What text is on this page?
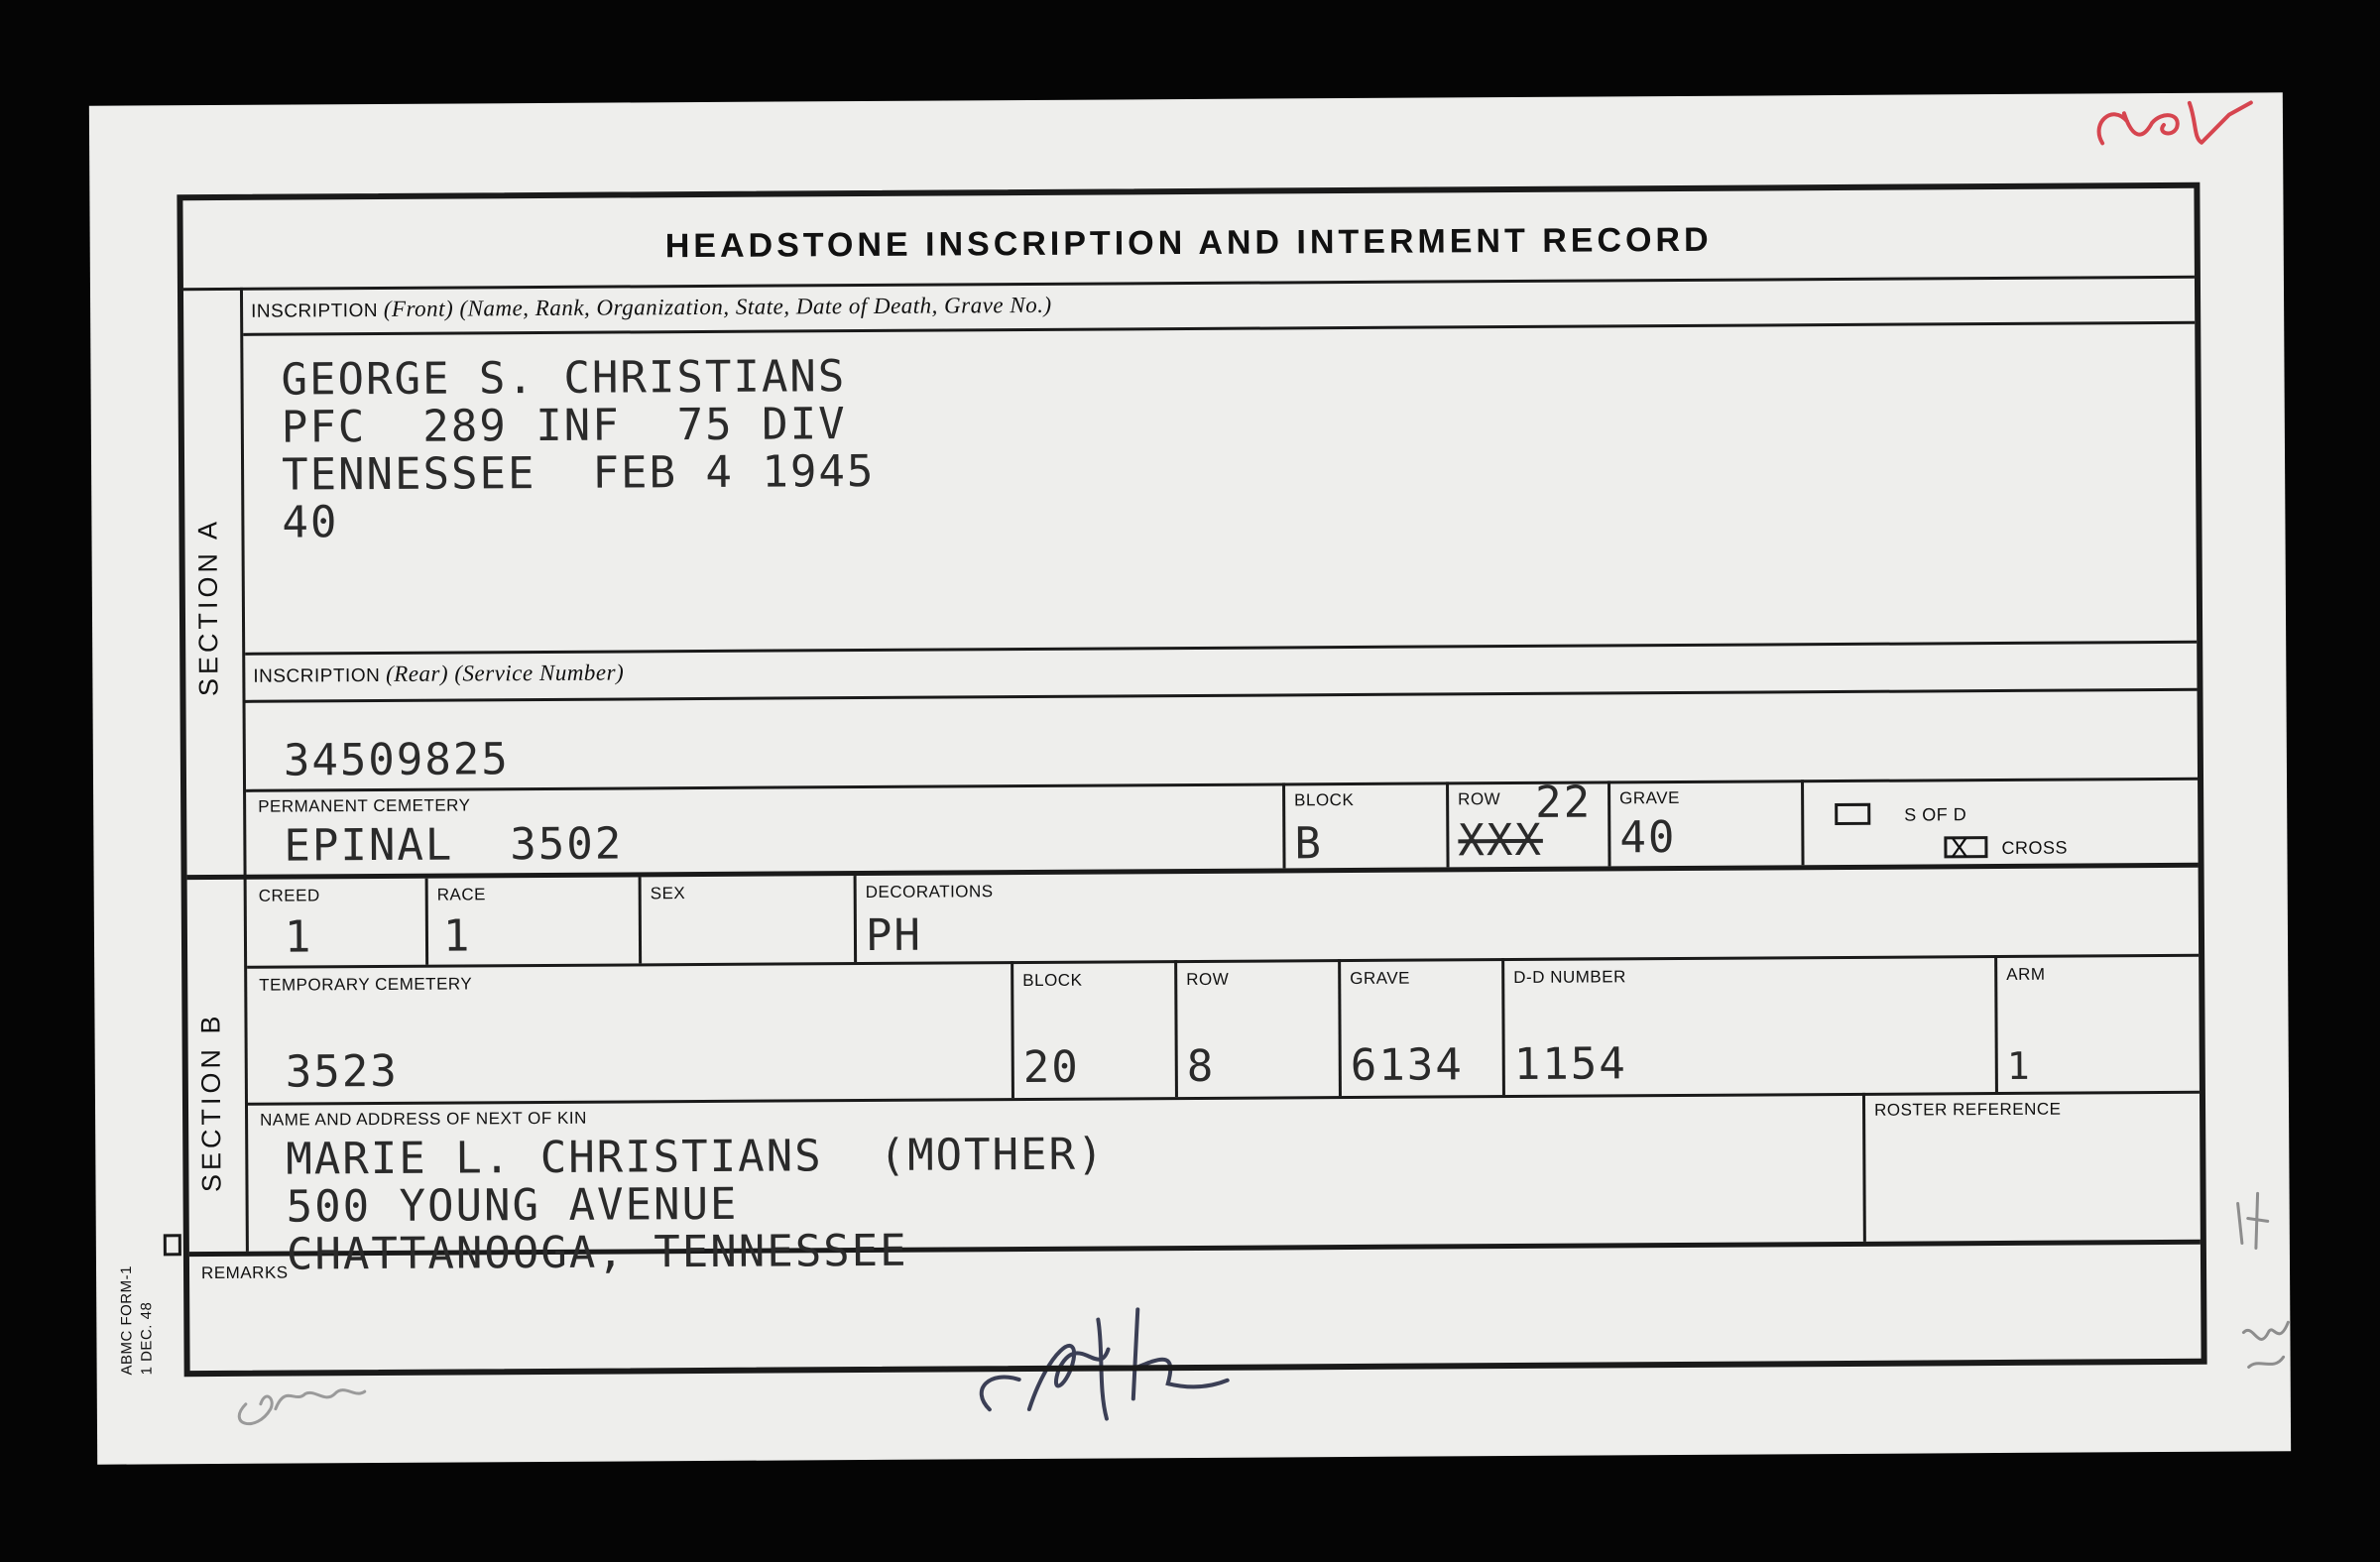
ABMC FORM-1 1 DEC. 48
HEADSTONE INSCRIPTION AND INTERMENT RECORD
SECTION A
SECTION B
INSCRIPTION (Front) (Name, Rank, Organization, State, Date of Death, Grave No.)
GEORGE S. CHRISTIANS
PFC  289 INF  75 DIV
TENNESSEE  FEB 4 1945
40
INSCRIPTION (Rear) (Service Number)
34509825
PERMANENT CEMETERY
EPINAL  3502
BLOCK
B
ROW 22
XXX
GRAVE
40	S OF D
X CROSS
CREED
1
RACE
1
SEX	DECORATIONS
PH
TEMPORARY CEMETERY
3523
BLOCK
20
ROW
8
GRAVE
6134
D-D NUMBER
1154
ARM
1
NAME AND ADDRESS OF NEXT OF KIN
MARIE L. CHRISTIANS  (MOTHER)
500 YOUNG AVENUE
CHATTANOOGA, TENNESSEE
ROSTER REFERENCE
REMARKS
